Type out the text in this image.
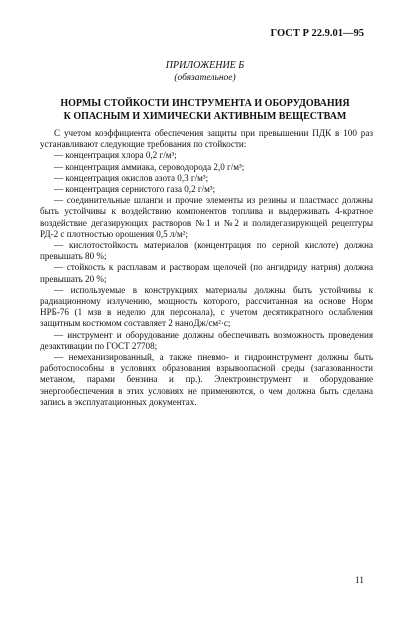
ГОСТ Р 22.9.01—95
ПРИЛОЖЕНИЕ Б
(обязательное)
НОРМЫ СТОЙКОСТИ ИНСТРУМЕНТА И ОБОРУДОВАНИЯ
К ОПАСНЫМ И ХИМИЧЕСКИ АКТИВНЫМ ВЕЩЕСТВАМ

С учетом коэффициента обеспечения защиты при превышении ПДК в 100 раз устанавливают следующие требования по стойкости:

— концентрация хлора 0,2 г/м³;

— концентрация аммиака, сероводорода 2,0 г/м³;

— концентрация окислов азота 0,3 г/м³;

— концентрация сернистого газа 0,2 г/м³;

— соединительные шланги и прочие элементы из резины и пластмасс должны быть устойчивы к воздействию компонентов топлива и выдерживать 4-кратное воздействие дегазирующих растворов №1 и №2 и полидегазирующей рецептуры РД-2 с плотностью орошения 0,5 л/м²;

— кислотостойкость материалов (концентрация по серной кислоте) должна превышать 80 %;

— стойкость к расплавам и растворам щелочей (по ангидриду натрия) должна превышать 20 %;

— используемые в конструкциях материалы должны быть устойчивы к радиационному излучению, мощность которого, рассчитанная на основе Норм НРБ-76 (1 мзв в неделю для персонала), с учетом десятикратного ослабления защитным костюмом составляет 2 наноДж/см²·с;

— инструмент и оборудование должны обеспечивать возможность проведения дезактивации по ГОСТ 27708;

— немеханизированный, а также пневмо- и гидроинструмент должны быть работоспособны в условиях образования взрывоопасной среды (загазованности метаном, парами бензина и пр.). Электроинструмент и оборудование энергообеспечения в этих условиях не применяются, о чем должна быть сделана запись в эксплуатационных документах.

11
